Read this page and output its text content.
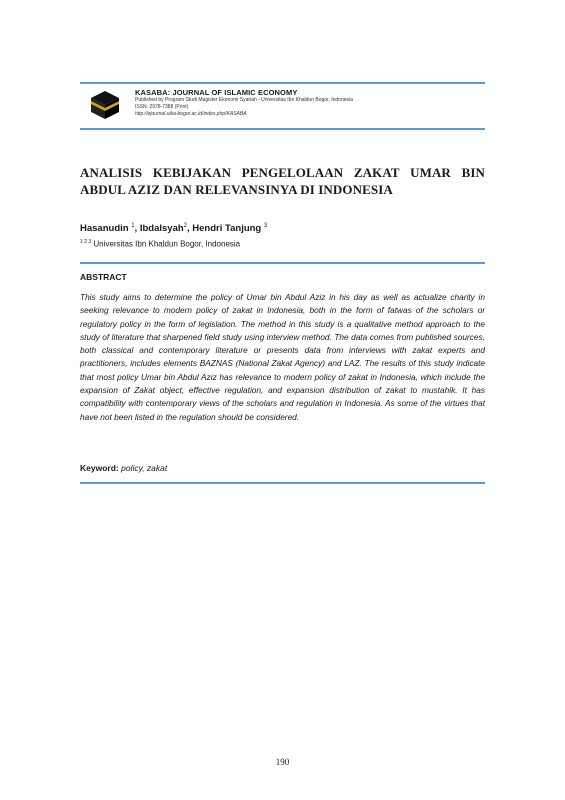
KASABA: JOURNAL OF ISLAMIC ECONOMY
Published by Program Studi Magister Ekonomi Syariah - Universitas Ibn Khaldun Bogor, Indonesia
ISSN: 2978-7388 (Print)
http://ejournal.uika-bogor.ac.id/index.php/KASABA
ANALISIS KEBIJAKAN PENGELOLAAN ZAKAT UMAR BIN ABDUL AZIZ DAN RELEVANSINYA DI INDONESIA
Hasanudin $^1$, Ibdalsyah$^2$, Hendri Tanjung $^3$
$^{1 2 3}$ Universitas Ibn Khaldun Bogor, Indonesia
ABSTRACT
This study aims to determine the policy of Umar bin Abdul Aziz in his day as well as actualize charity in seeking relevance to modern policy of zakat in Indonesia, both in the form of fatwas of the scholars or regulatory policy in the form of legislation. The method in this study is a qualitative method approach to the study of literature that sharpened field study using interview method. The data comes from published sources, both classical and contemporary literature or presents data from interviews with zakat experts and practitioners, includes elements BAZNAS (National Zakat Agency) and LAZ. The results of this study indicate that most policy Umar bin Abdul Aziz has relevance to modern policy of zakat in Indonesia, which include the expansion of Zakat object, effective regulation, and expansion distribution of zakat to mustahik. It has compatibility with contemporary views of the scholars and regulation in Indonesia. As some of the virtues that have not been listed in the regulation should be considered.
Keyword: policy, zakat
190
